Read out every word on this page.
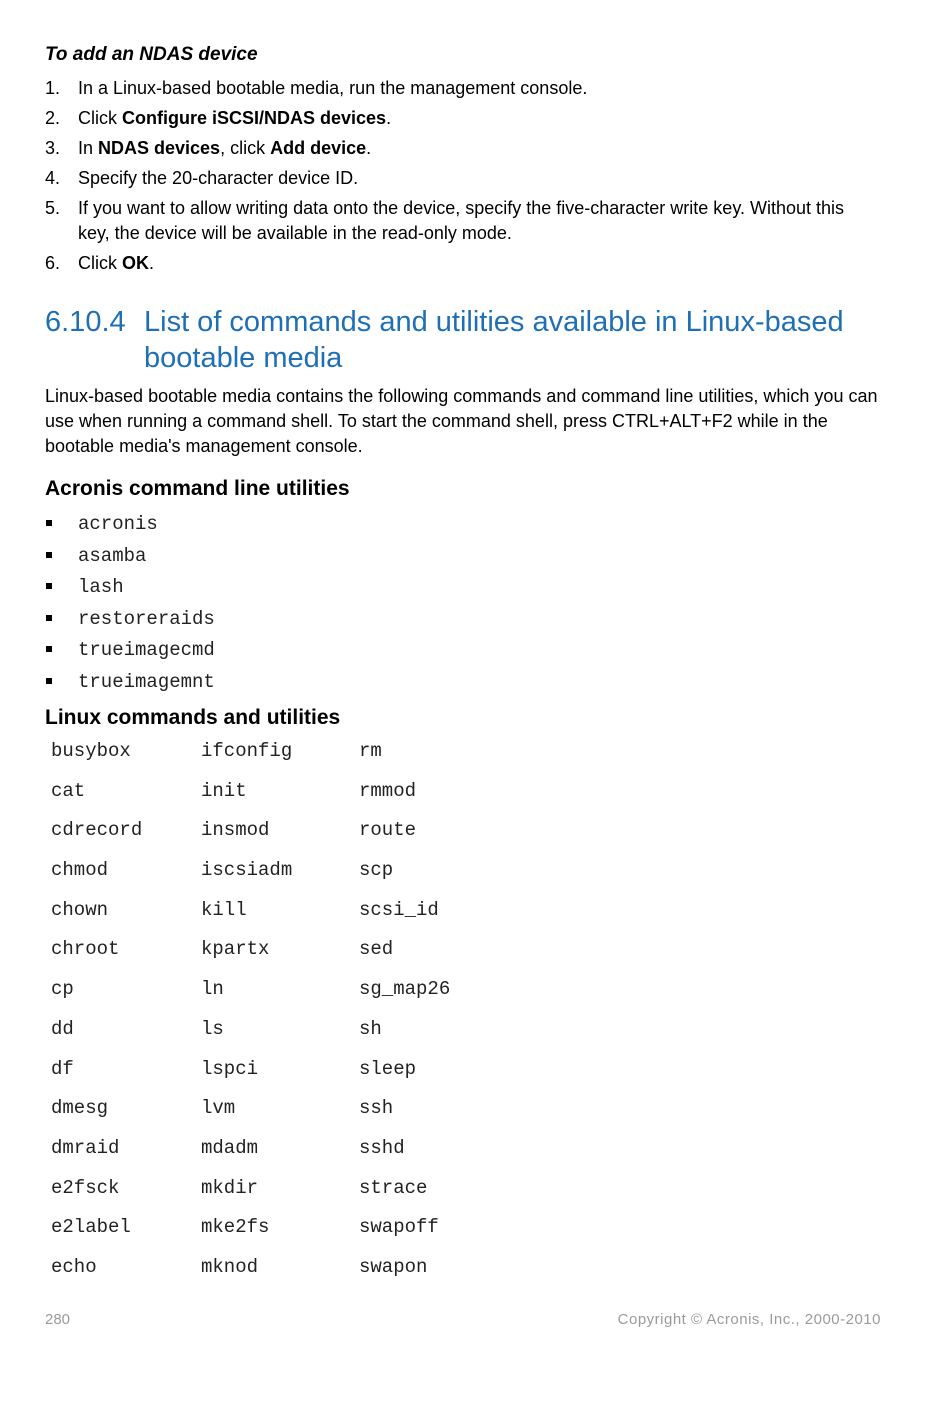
To add an NDAS device
1. In a Linux-based bootable media, run the management console.
2. Click Configure iSCSI/NDAS devices.
3. In NDAS devices, click Add device.
4. Specify the 20-character device ID.
5. If you want to allow writing data onto the device, specify the five-character write key. Without this key, the device will be available in the read-only mode.
6. Click OK.
6.10.4 List of commands and utilities available in Linux-based bootable media

Linux-based bootable media contains the following commands and command line utilities, which you can use when running a command shell. To start the command shell, press CTRL+ALT+F2 while in the bootable media's management console.

Acronis command line utilities
acronis
asamba
lash
restoreraids
trueimagecmd
trueimagemnt
Linux commands and utilities
busybox	ifconfig	rm
cat	init	rmmod
cdrecord	insmod	route
chmod	iscsiadm	scp
chown	kill	scsi_id
chroot	kpartx	sed
cp	ln	sg_map26
dd	ls	sh
df	lspci	sleep
dmesg	lvm	ssh
dmraid	mdadm	sshd
e2fsck	mkdir	strace
e2label	mke2fs	swapoff
echo	mknod	swapon
280	Copyright © Acronis, Inc., 2000-2010
